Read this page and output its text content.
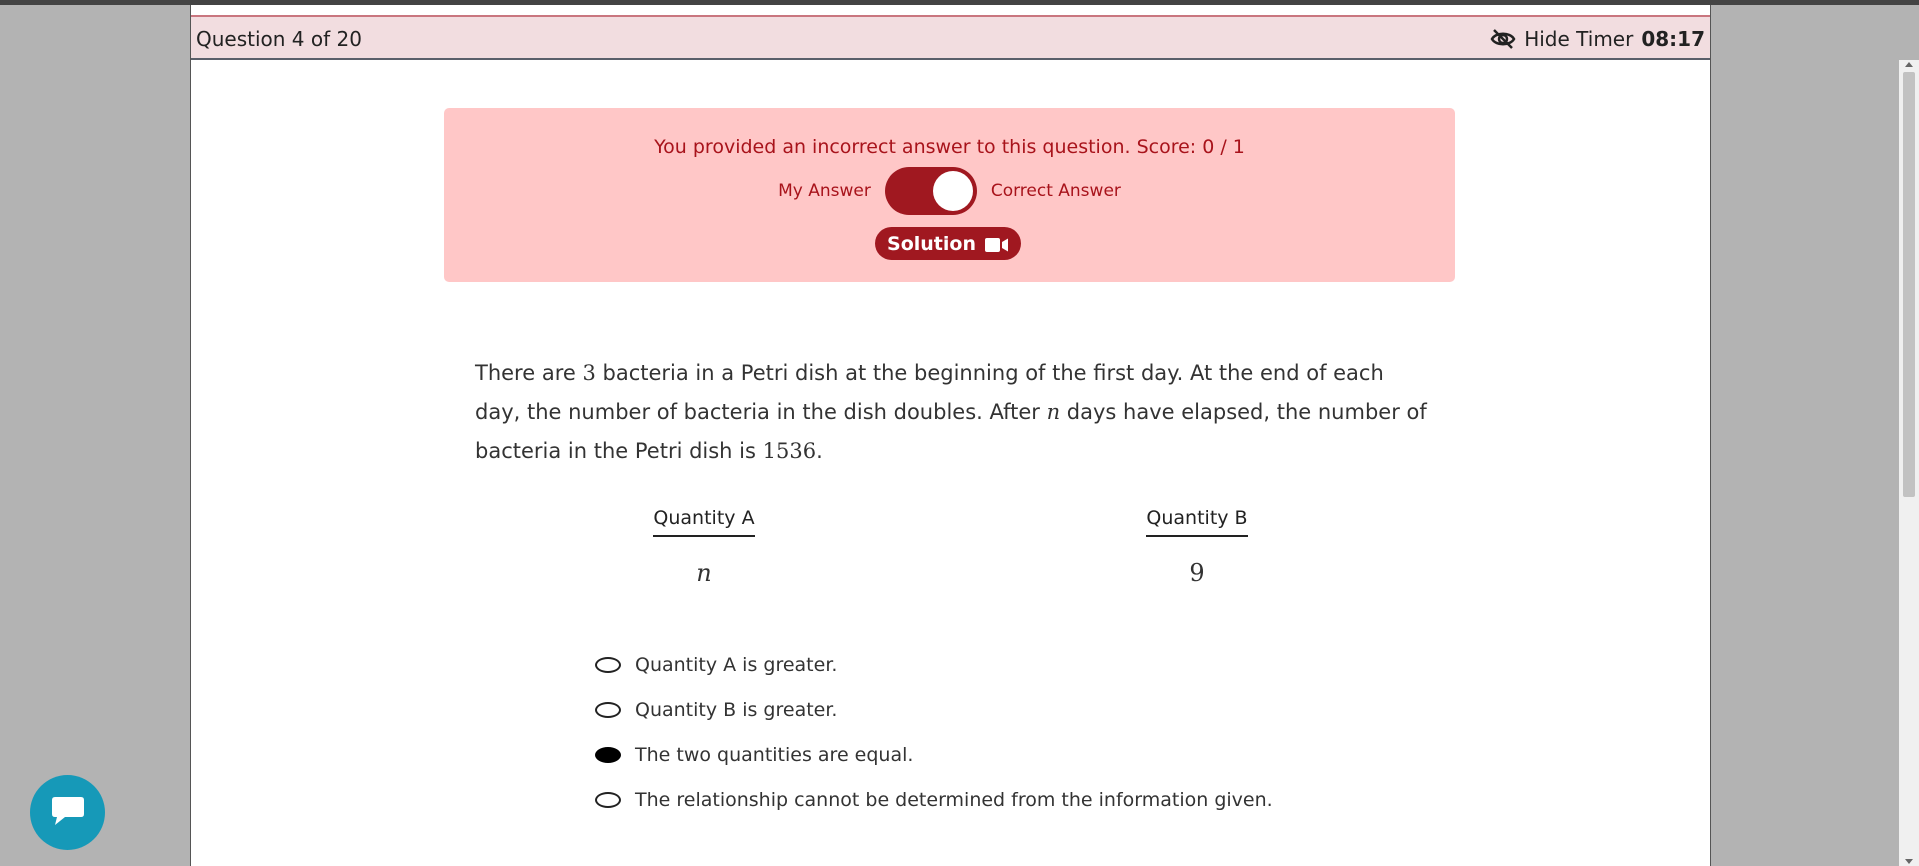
Question 4 of 20	Hide Timer 08:17
You provided an incorrect answer to this question. Score: 0 / 1
My Answer	Correct Answer
Solution
There are 3 bacteria in a Petri dish at the beginning of the first day. At the end of each day, the number of bacteria in the dish doubles. After n days have elapsed, the number of bacteria in the Petri dish is 1536.
Quantity A
n
Quantity B
9
Quantity A is greater.
Quantity B is greater.
The two quantities are equal.
The relationship cannot be determined from the information given.
